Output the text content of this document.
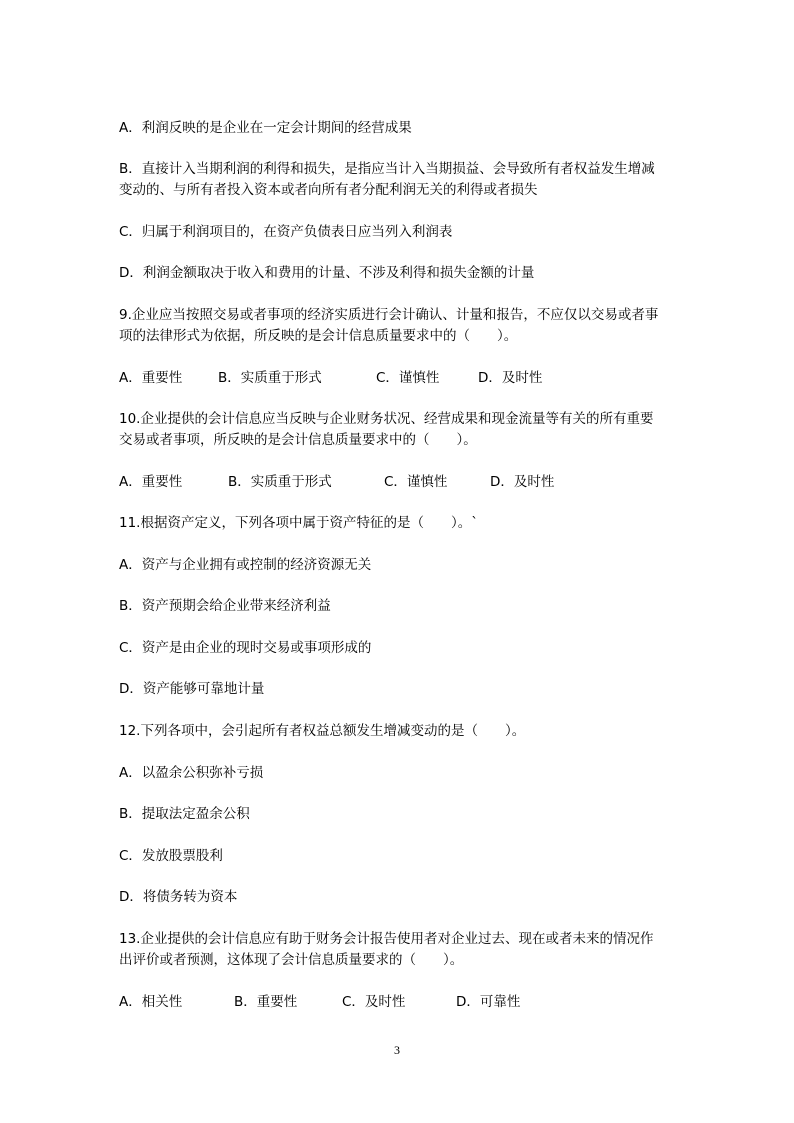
A．利润反映的是企业在一定会计期间的经营成果
B．直接计入当期利润的利得和损失，是指应当计入当期损益、会导致所有者权益发生增减
变动的、与所有者投入资本或者向所有者分配利润无关的利得或者损失
C．归属于利润项目的，在资产负债表日应当列入利润表
D．利润金额取决于收入和费用的计量、不涉及利得和损失金额的计量
9.企业应当按照交易或者事项的经济实质进行会计确认、计量和报告，不应仅以交易或者事
项的法律形式为依据，所反映的是会计信息质量要求中的（　　）。
A．重要性	B．实质重于形式	C．谨慎性	D．及时性
10.企业提供的会计信息应当反映与企业财务状况、经营成果和现金流量等有关的所有重要
交易或者事项，所反映的是会计信息质量要求中的（　　）。
A．重要性	B．实质重于形式	C．谨慎性	D．及时性
11.根据资产定义，下列各项中属于资产特征的是（　　）。`
A．资产与企业拥有或控制的经济资源无关
B．资产预期会给企业带来经济利益
C．资产是由企业的现时交易或事项形成的
D．资产能够可靠地计量
12.下列各项中，会引起所有者权益总额发生增减变动的是（　　）。
A．以盈余公积弥补亏损
B．提取法定盈余公积
C．发放股票股利
D．将债务转为资本
13.企业提供的会计信息应有助于财务会计报告使用者对企业过去、现在或者未来的情况作
出评价或者预测，这体现了会计信息质量要求的（　　）。
A．相关性	B．重要性	C．及时性	D．可靠性
3
